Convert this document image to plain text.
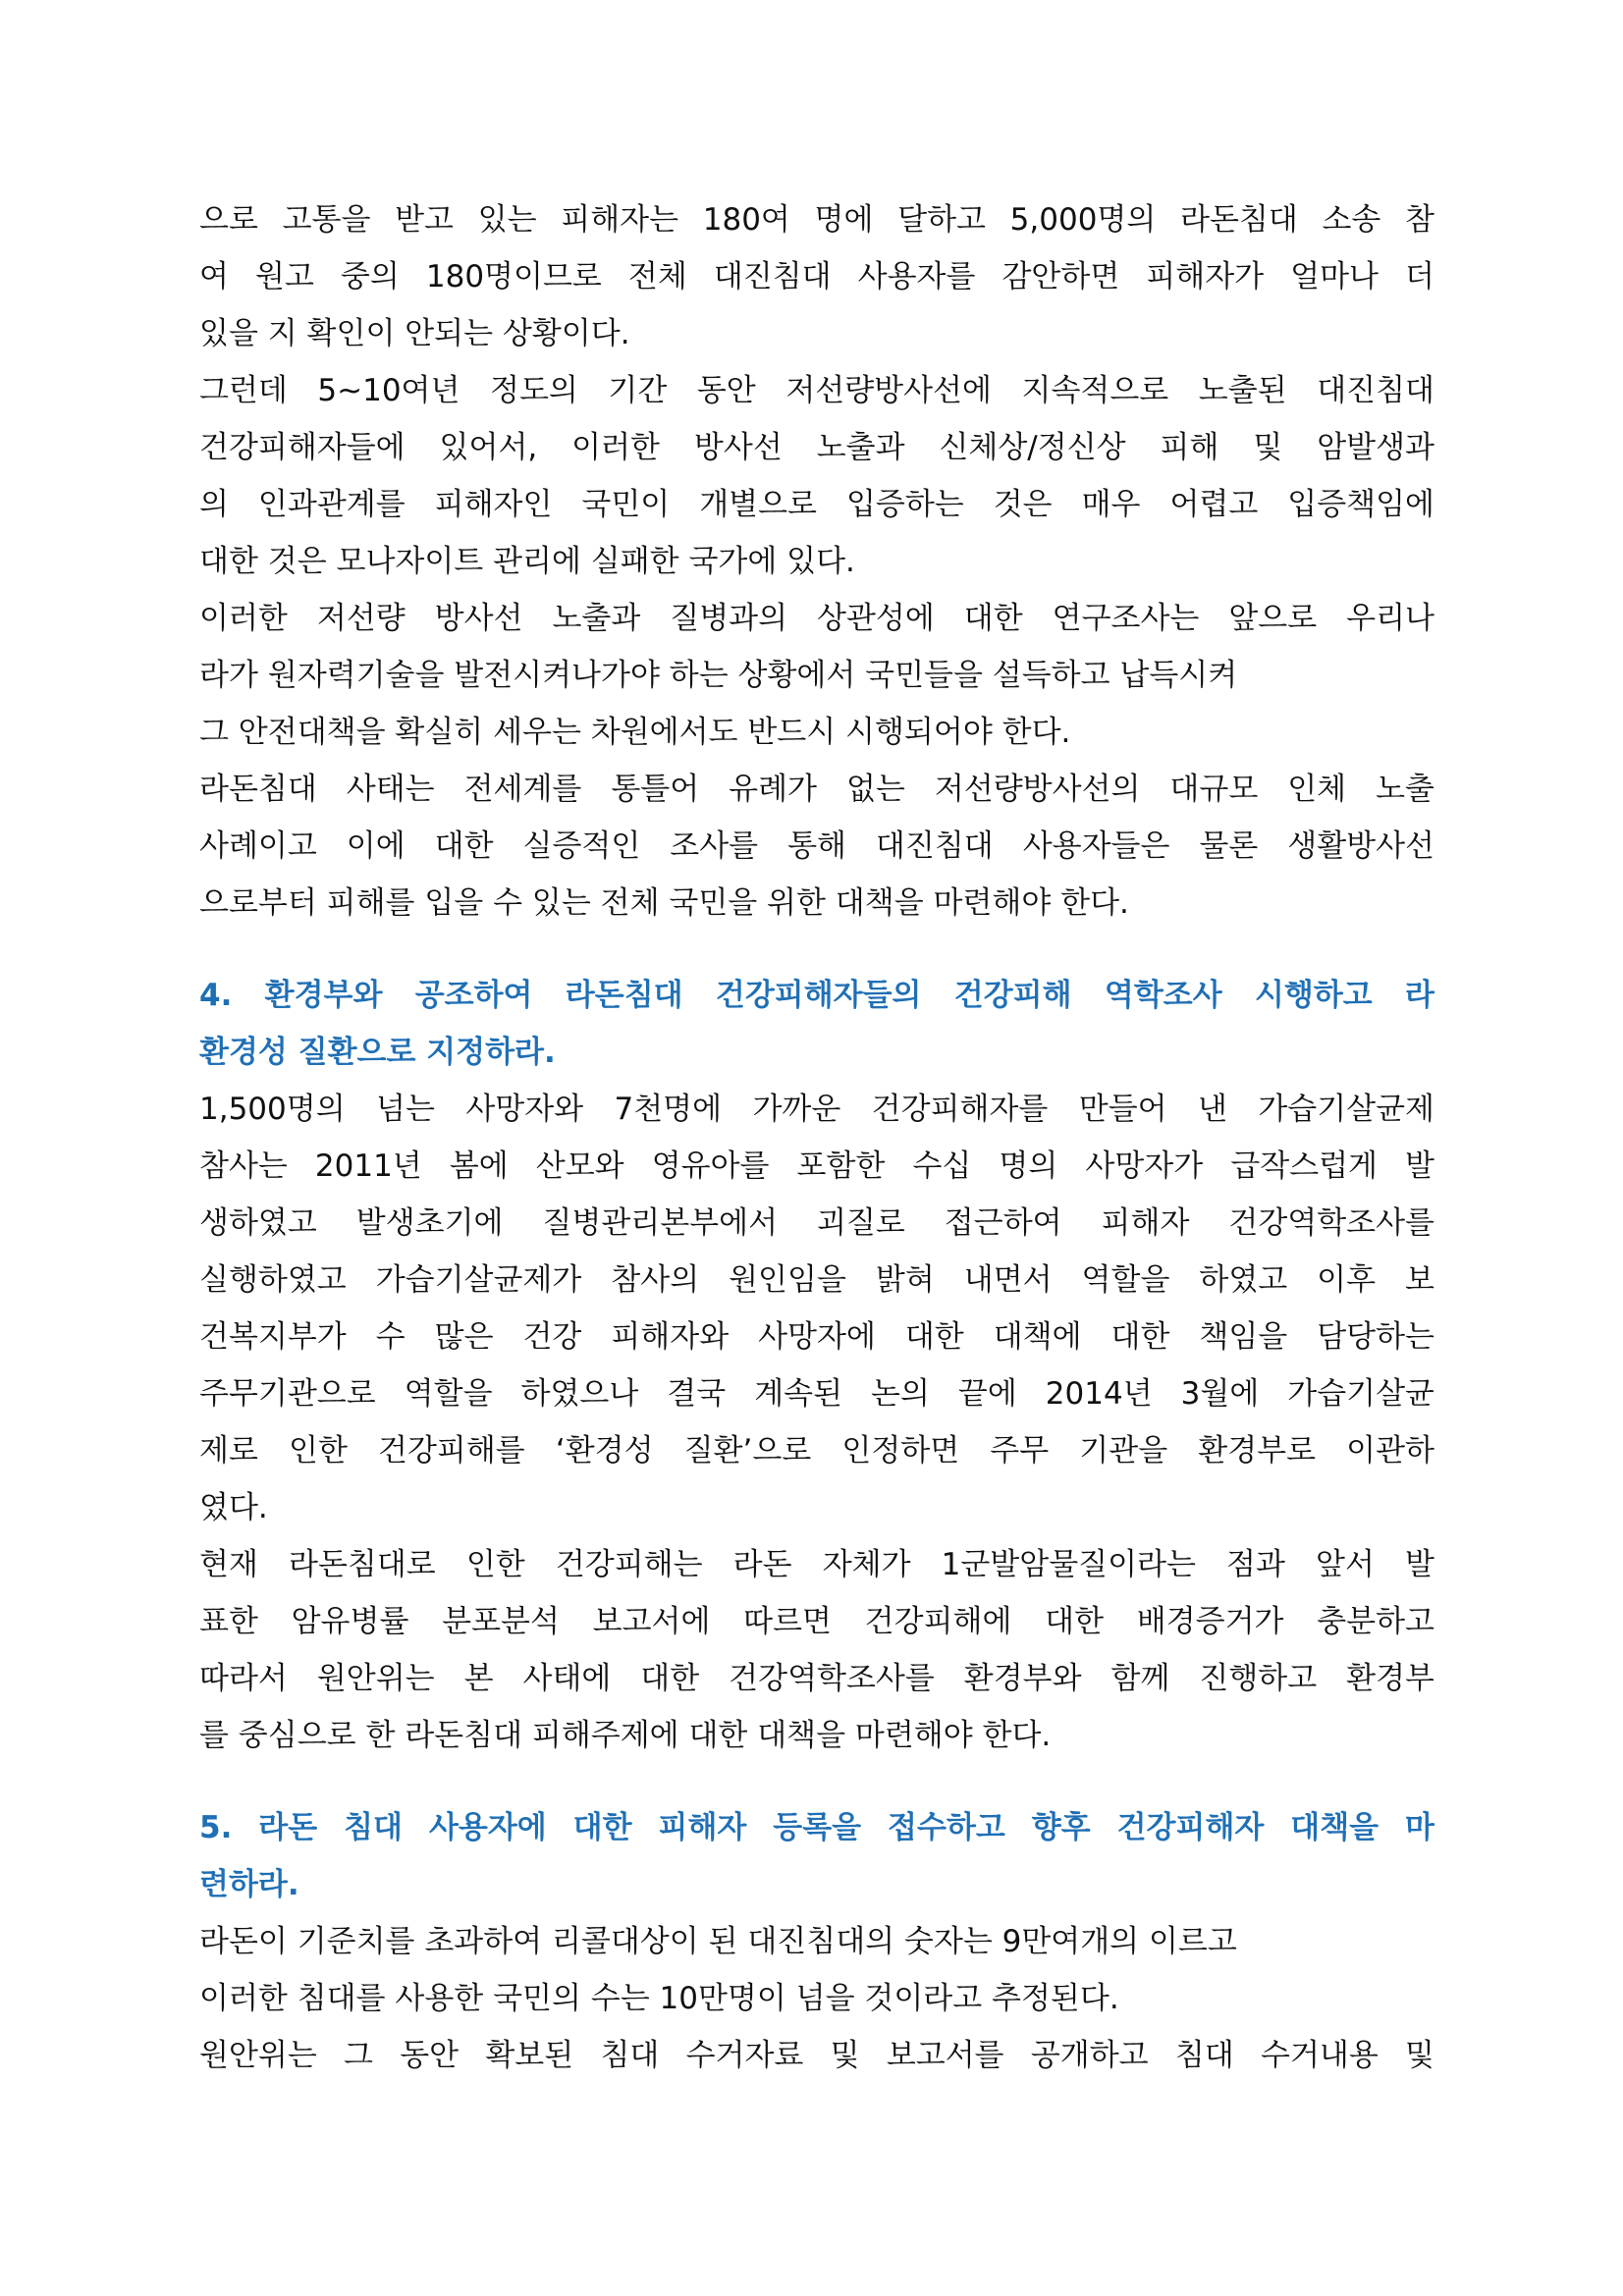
으로 고통을 받고 있는 피해자는 180여 명에 달하고 5,000명의 라돈침대 소송 참
여 원고 중의 180명이므로 전체 대진침대 사용자를 감안하면 피해자가 얼마나 더
있을 지 확인이 안되는 상황이다.
그런데 5~10여년 정도의 기간 동안 저선량방사선에 지속적으로 노출된 대진침대
건강피해자들에 있어서, 이러한 방사선 노출과 신체상/정신상 피해 및 암발생과
의 인과관계를 피해자인 국민이 개별으로 입증하는 것은 매우 어렵고 입증책임에
대한 것은 모나자이트 관리에 실패한 국가에 있다.
이러한 저선량 방사선 노출과 질병과의 상관성에 대한 연구조사는 앞으로 우리나
라가 원자력기술을 발전시켜나가야 하는 상황에서 국민들을 설득하고 납득시켜
그 안전대책을 확실히 세우는 차원에서도 반드시 시행되어야 한다.
라돈침대 사태는 전세계를 통틀어 유례가 없는 저선량방사선의 대규모 인체 노출
사례이고 이에 대한 실증적인 조사를 통해 대진침대 사용자들은 물론 생활방사선
으로부터 피해를 입을 수 있는 전체 국민을 위한 대책을 마련해야 한다.
4. 환경부와 공조하여 라돈침대 건강피해자들의 건강피해 역학조사 시행하고 라
환경성 질환으로 지정하라.
1,500명의 넘는 사망자와 7천명에 가까운 건강피해자를 만들어 낸 가습기살균제
참사는 2011년 봄에 산모와 영유아를 포함한 수십 명의 사망자가 급작스럽게 발
생하였고 발생초기에 질병관리본부에서 괴질로 접근하여 피해자 건강역학조사를
실행하였고 가습기살균제가 참사의 원인임을 밝혀 내면서 역할을 하였고 이후 보
건복지부가 수 많은 건강 피해자와 사망자에 대한 대책에 대한 책임을 담당하는
주무기관으로 역할을 하였으나 결국 계속된 논의 끝에 2014년 3월에 가습기살균
제로 인한 건강피해를 ‘환경성 질환’으로 인정하면 주무 기관을 환경부로 이관하
였다.
현재 라돈침대로 인한 건강피해는 라돈 자체가 1군발암물질이라는 점과 앞서 발
표한 암유병률 분포분석 보고서에 따르면 건강피해에 대한 배경증거가 충분하고
따라서 원안위는 본 사태에 대한 건강역학조사를 환경부와 함께 진행하고 환경부
를 중심으로 한 라돈침대 피해주제에 대한 대책을 마련해야 한다.
5. 라돈 침대 사용자에 대한 피해자 등록을 접수하고 향후 건강피해자 대책을 마
련하라.
라돈이 기준치를 초과하여 리콜대상이 된 대진침대의 숫자는 9만여개의 이르고
이러한 침대를 사용한 국민의 수는 10만명이 넘을 것이라고 추정된다.
원안위는 그 동안 확보된 침대 수거자료 및 보고서를 공개하고 침대 수거내용 및
